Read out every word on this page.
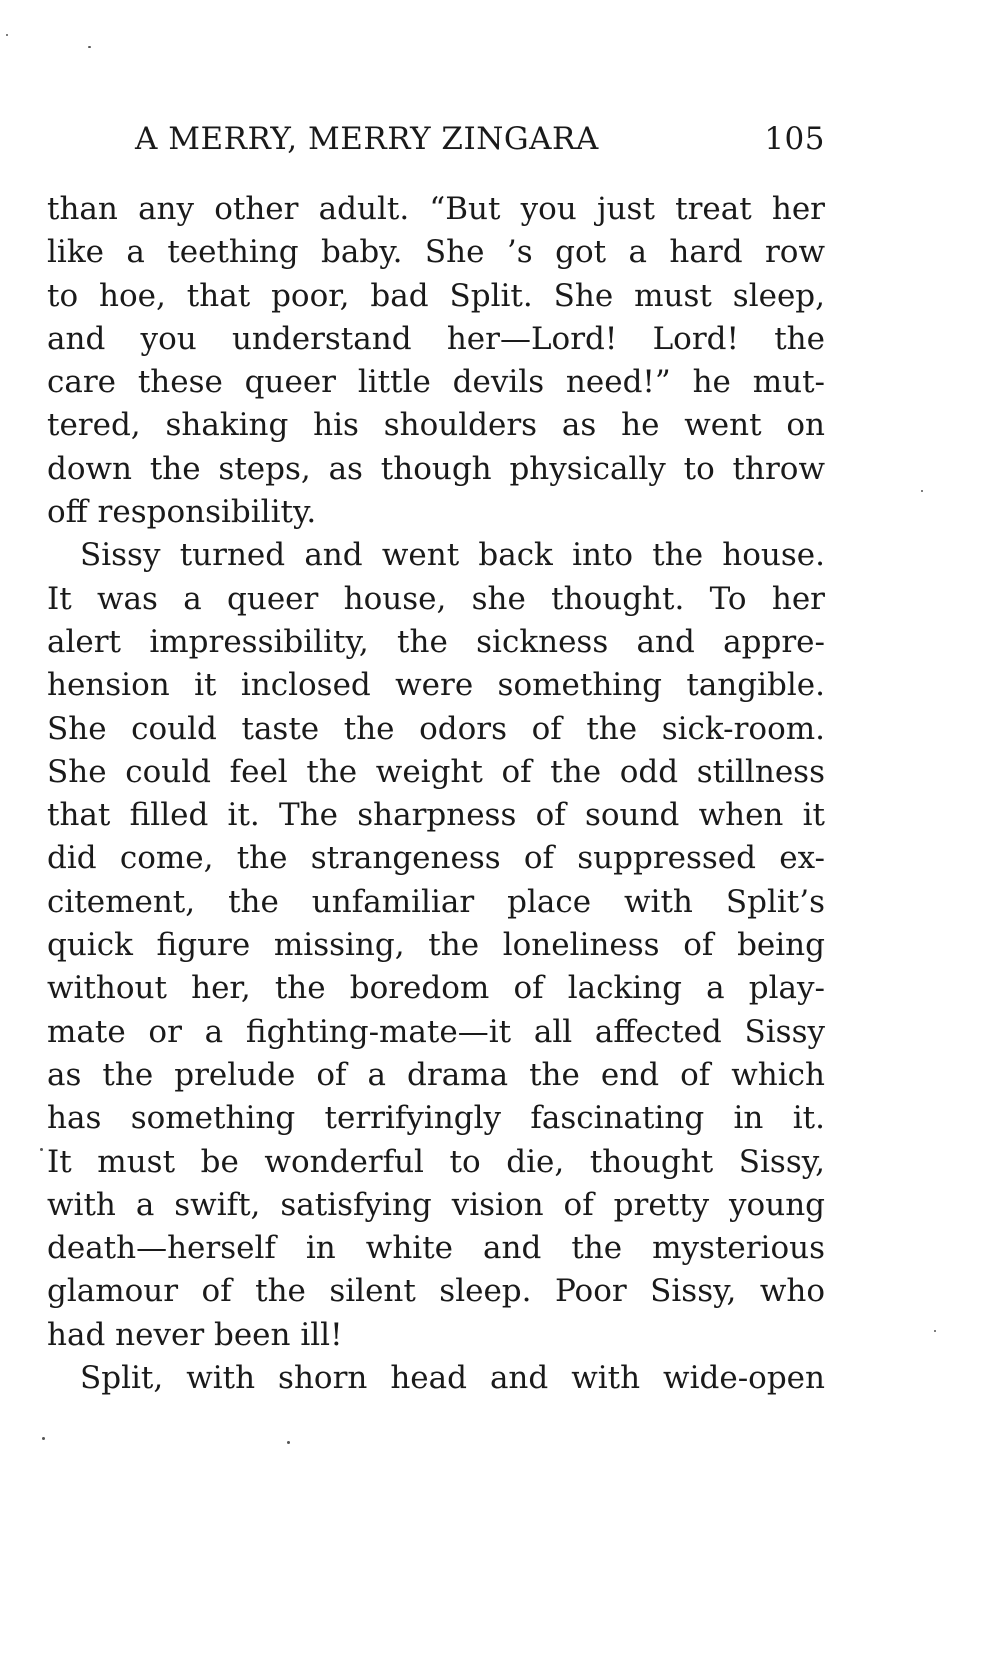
A MERRY, MERRY ZINGARA	105
than any other adult. “But you just treat her
like a teething baby. She ’s got a hard row
to hoe, that poor, bad Split. She must sleep,
and you understand her—Lord! Lord! the
care these queer little devils need!” he mut-
tered, shaking his shoulders as he went on
down the steps, as though physically to throw
off responsibility.
Sissy turned and went back into the house.
It was a queer house, she thought. To her
alert impressibility, the sickness and appre-
hension it inclosed were something tangible.
She could taste the odors of the sick-room.
She could feel the weight of the odd stillness
that filled it. The sharpness of sound when it
did come, the strangeness of suppressed ex-
citement, the unfamiliar place with Split’s
quick figure missing, the loneliness of being
without her, the boredom of lacking a play-
mate or a fighting-mate—it all affected Sissy
as the prelude of a drama the end of which
has something terrifyingly fascinating in it.
It must be wonderful to die, thought Sissy,
with a swift, satisfying vision of pretty young
death—herself in white and the mysterious
glamour of the silent sleep. Poor Sissy, who
had never been ill!
Split, with shorn head and with wide-open
